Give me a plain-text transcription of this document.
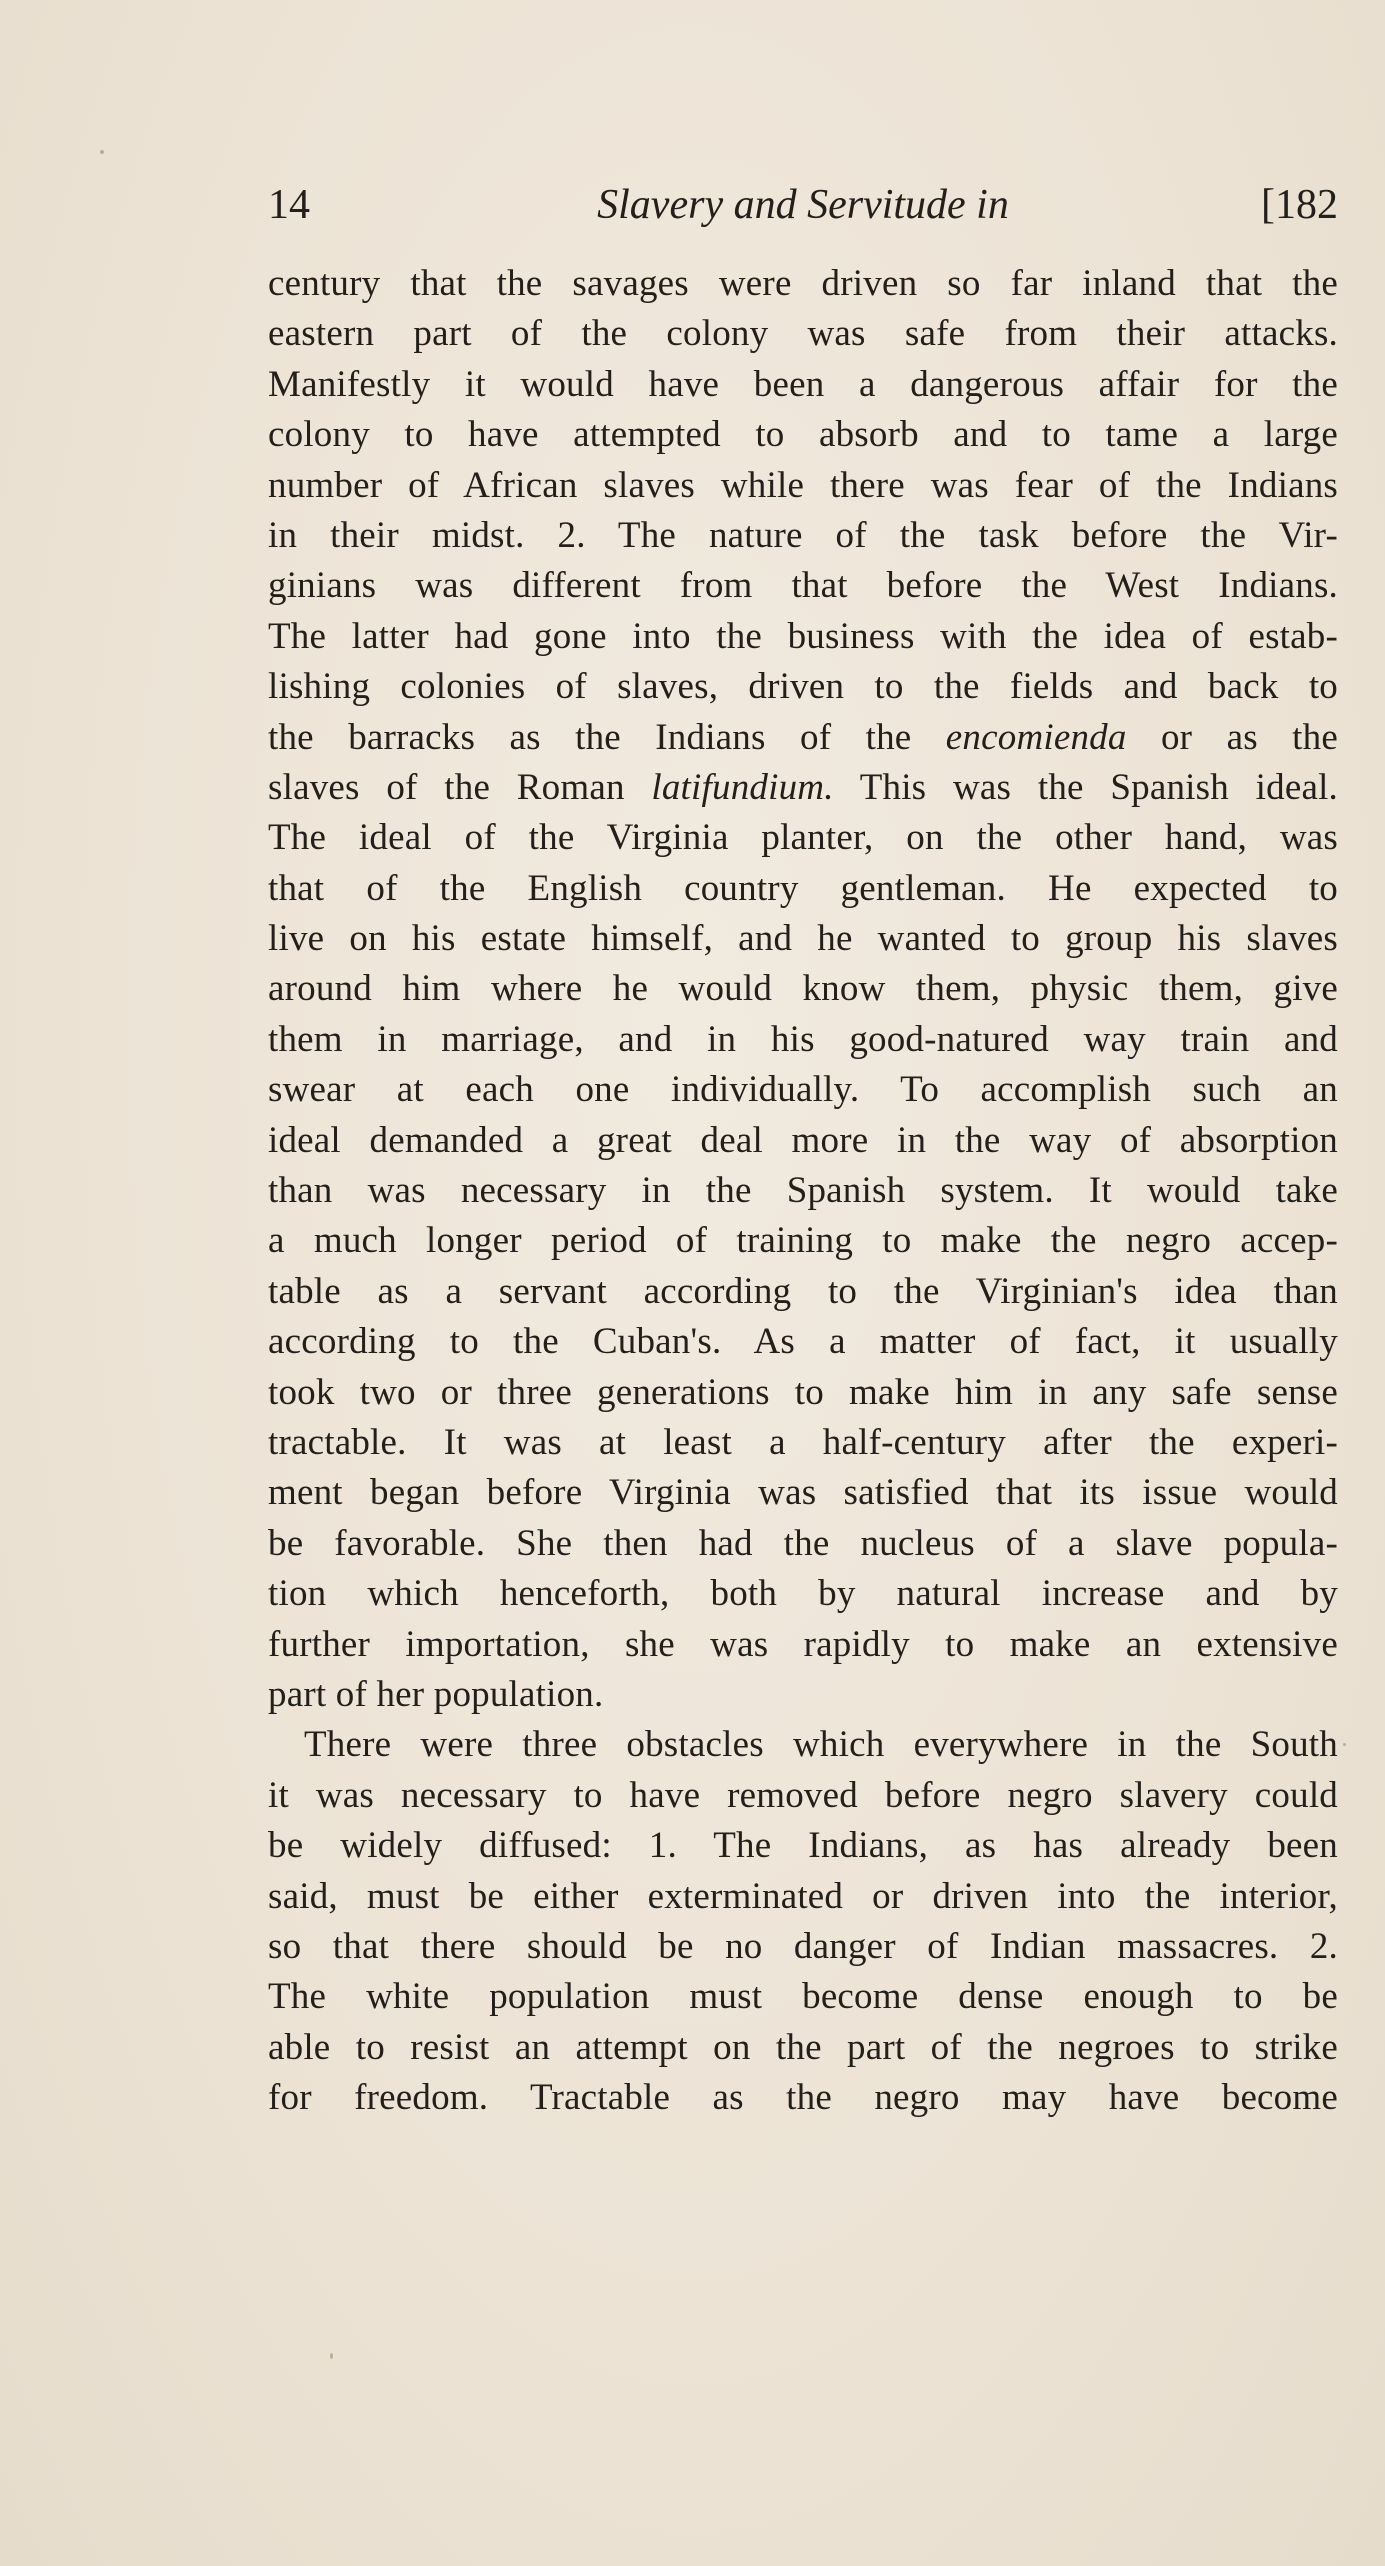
14	Slavery and Servitude in	[182
century that the savages were driven so far inland that the
eastern part of the colony was safe from their attacks.
Manifestly it would have been a dangerous affair for the
colony to have attempted to absorb and to tame a large
number of African slaves while there was fear of the Indians
in their midst. 2. The nature of the task before the Vir-
ginians was different from that before the West Indians.
The latter had gone into the business with the idea of estab-
lishing colonies of slaves, driven to the fields and back to
the barracks as the Indians of the encomienda or as the
slaves of the Roman latifundium. This was the Spanish ideal.
The ideal of the Virginia planter, on the other hand, was
that of the English country gentleman. He expected to
live on his estate himself, and he wanted to group his slaves
around him where he would know them, physic them, give
them in marriage, and in his good-natured way train and
swear at each one individually. To accomplish such an
ideal demanded a great deal more in the way of absorption
than was necessary in the Spanish system. It would take
a much longer period of training to make the negro accep-
table as a servant according to the Virginian's idea than
according to the Cuban's. As a matter of fact, it usually
took two or three generations to make him in any safe sense
tractable. It was at least a half-century after the experi-
ment began before Virginia was satisfied that its issue would
be favorable. She then had the nucleus of a slave popula-
tion which henceforth, both by natural increase and by
further importation, she was rapidly to make an extensive
part of her population.
There were three obstacles which everywhere in the South
it was necessary to have removed before negro slavery could
be widely diffused: 1. The Indians, as has already been
said, must be either exterminated or driven into the interior,
so that there should be no danger of Indian massacres. 2.
The white population must become dense enough to be
able to resist an attempt on the part of the negroes to strike
for freedom. Tractable as the negro may have become
